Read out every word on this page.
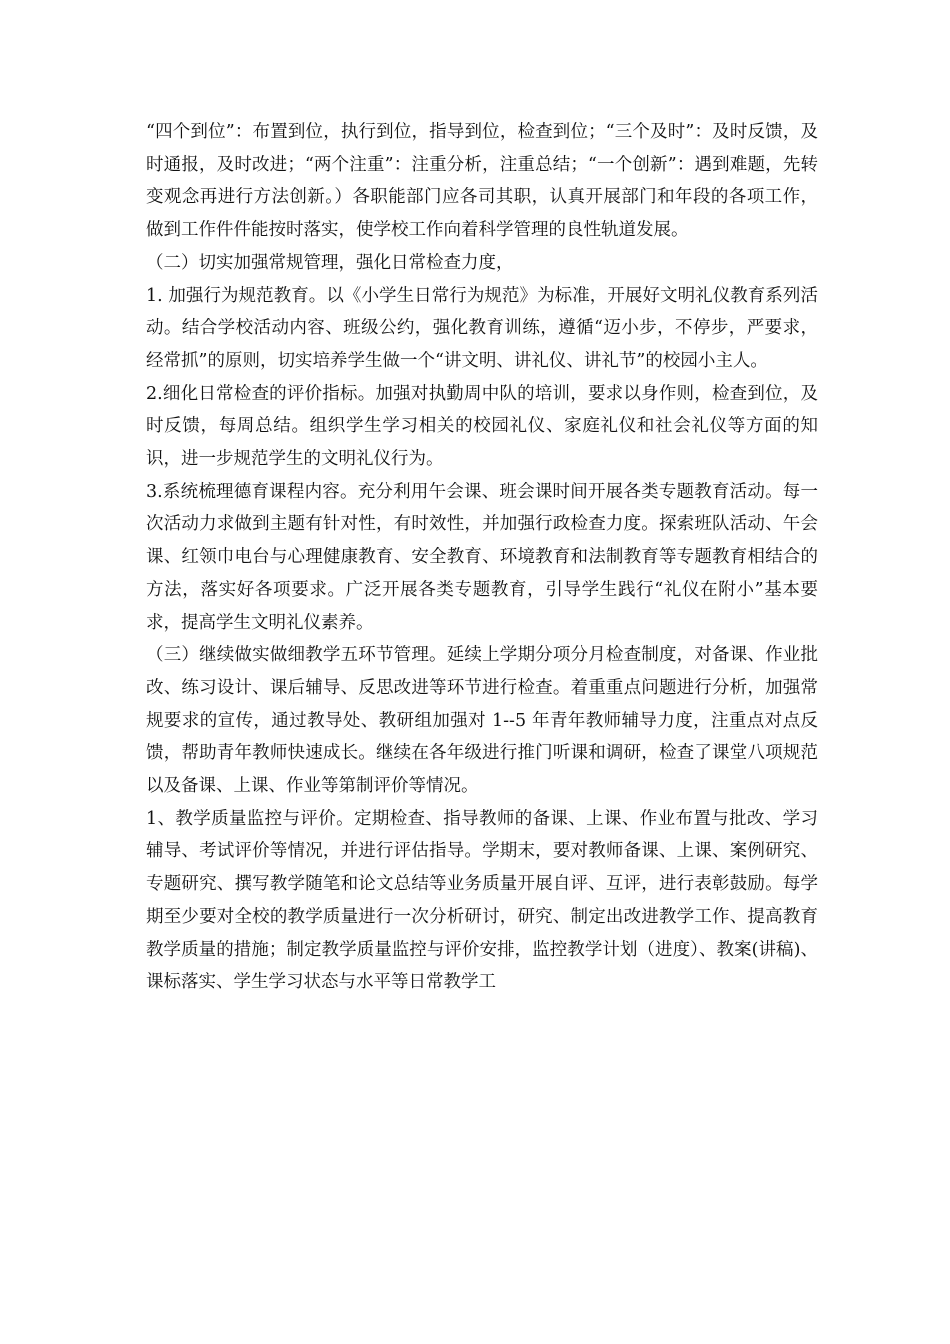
“四个到位”：布置到位，执行到位，指导到位，检查到位；“三个及时”：及时反馈，及时通报，及时改进；“两个注重”：注重分析，注重总结；“一个创新”：遇到难题，先转变观念再进行方法创新。）各职能部门应各司其职，认真开展部门和年段的各项工作，做到工作件件能按时落实，使学校工作向着科学管理的良性轨道发展。

（二）切实加强常规管理，强化日常检查力度，

1. 加强行为规范教育。以《小学生日常行为规范》为标准，开展好文明礼仪教育系列活动。结合学校活动内容、班级公约，强化教育训练，遵循“迈小步，不停步，严要求，经常抓”的原则，切实培养学生做一个“讲文明、讲礼仪、讲礼节”的校园小主人。

2.细化日常检查的评价指标。加强对执勤周中队的培训，要求以身作则，检查到位，及时反馈，每周总结。组织学生学习相关的校园礼仪、家庭礼仪和社会礼仪等方面的知识，进一步规范学生的文明礼仪行为。

3.系统梳理德育课程内容。充分利用午会课、班会课时间开展各类专题教育活动。每一次活动力求做到主题有针对性，有时效性，并加强行政检查力度。探索班队活动、午会课、红领巾电台与心理健康教育、安全教育、环境教育和法制教育等专题教育相结合的方法，落实好各项要求。广泛开展各类专题教育，引导学生践行“礼仪在附小”基本要求，提高学生文明礼仪素养。

（三）继续做实做细教学五环节管理。延续上学期分项分月检查制度，对备课、作业批改、练习设计、课后辅导、反思改进等环节进行检查。着重重点问题进行分析，加强常规要求的宣传，通过教导处、教研组加强对 1--5 年青年教师辅导力度，注重点对点反馈，帮助青年教师快速成长。继续在各年级进行推门听课和调研，检查了课堂八项规范以及备课、上课、作业等第制评价等情况。

1、教学质量监控与评价。定期检查、指导教师的备课、上课、作业布置与批改、学习辅导、考试评价等情况，并进行评估指导。学期末，要对教师备课、上课、案例研究、专题研究、撰写教学随笔和论文总结等业务质量开展自评、互评，进行表彰鼓励。每学期至少要对全校的教学质量进行一次分析研讨，研究、制定出改进教学工作、提高教育教学质量的措施；制定教学质量监控与评价安排，监控教学计划（进度）、教案(讲稿)、课标落实、学生学习状态与水平等日常教学工
